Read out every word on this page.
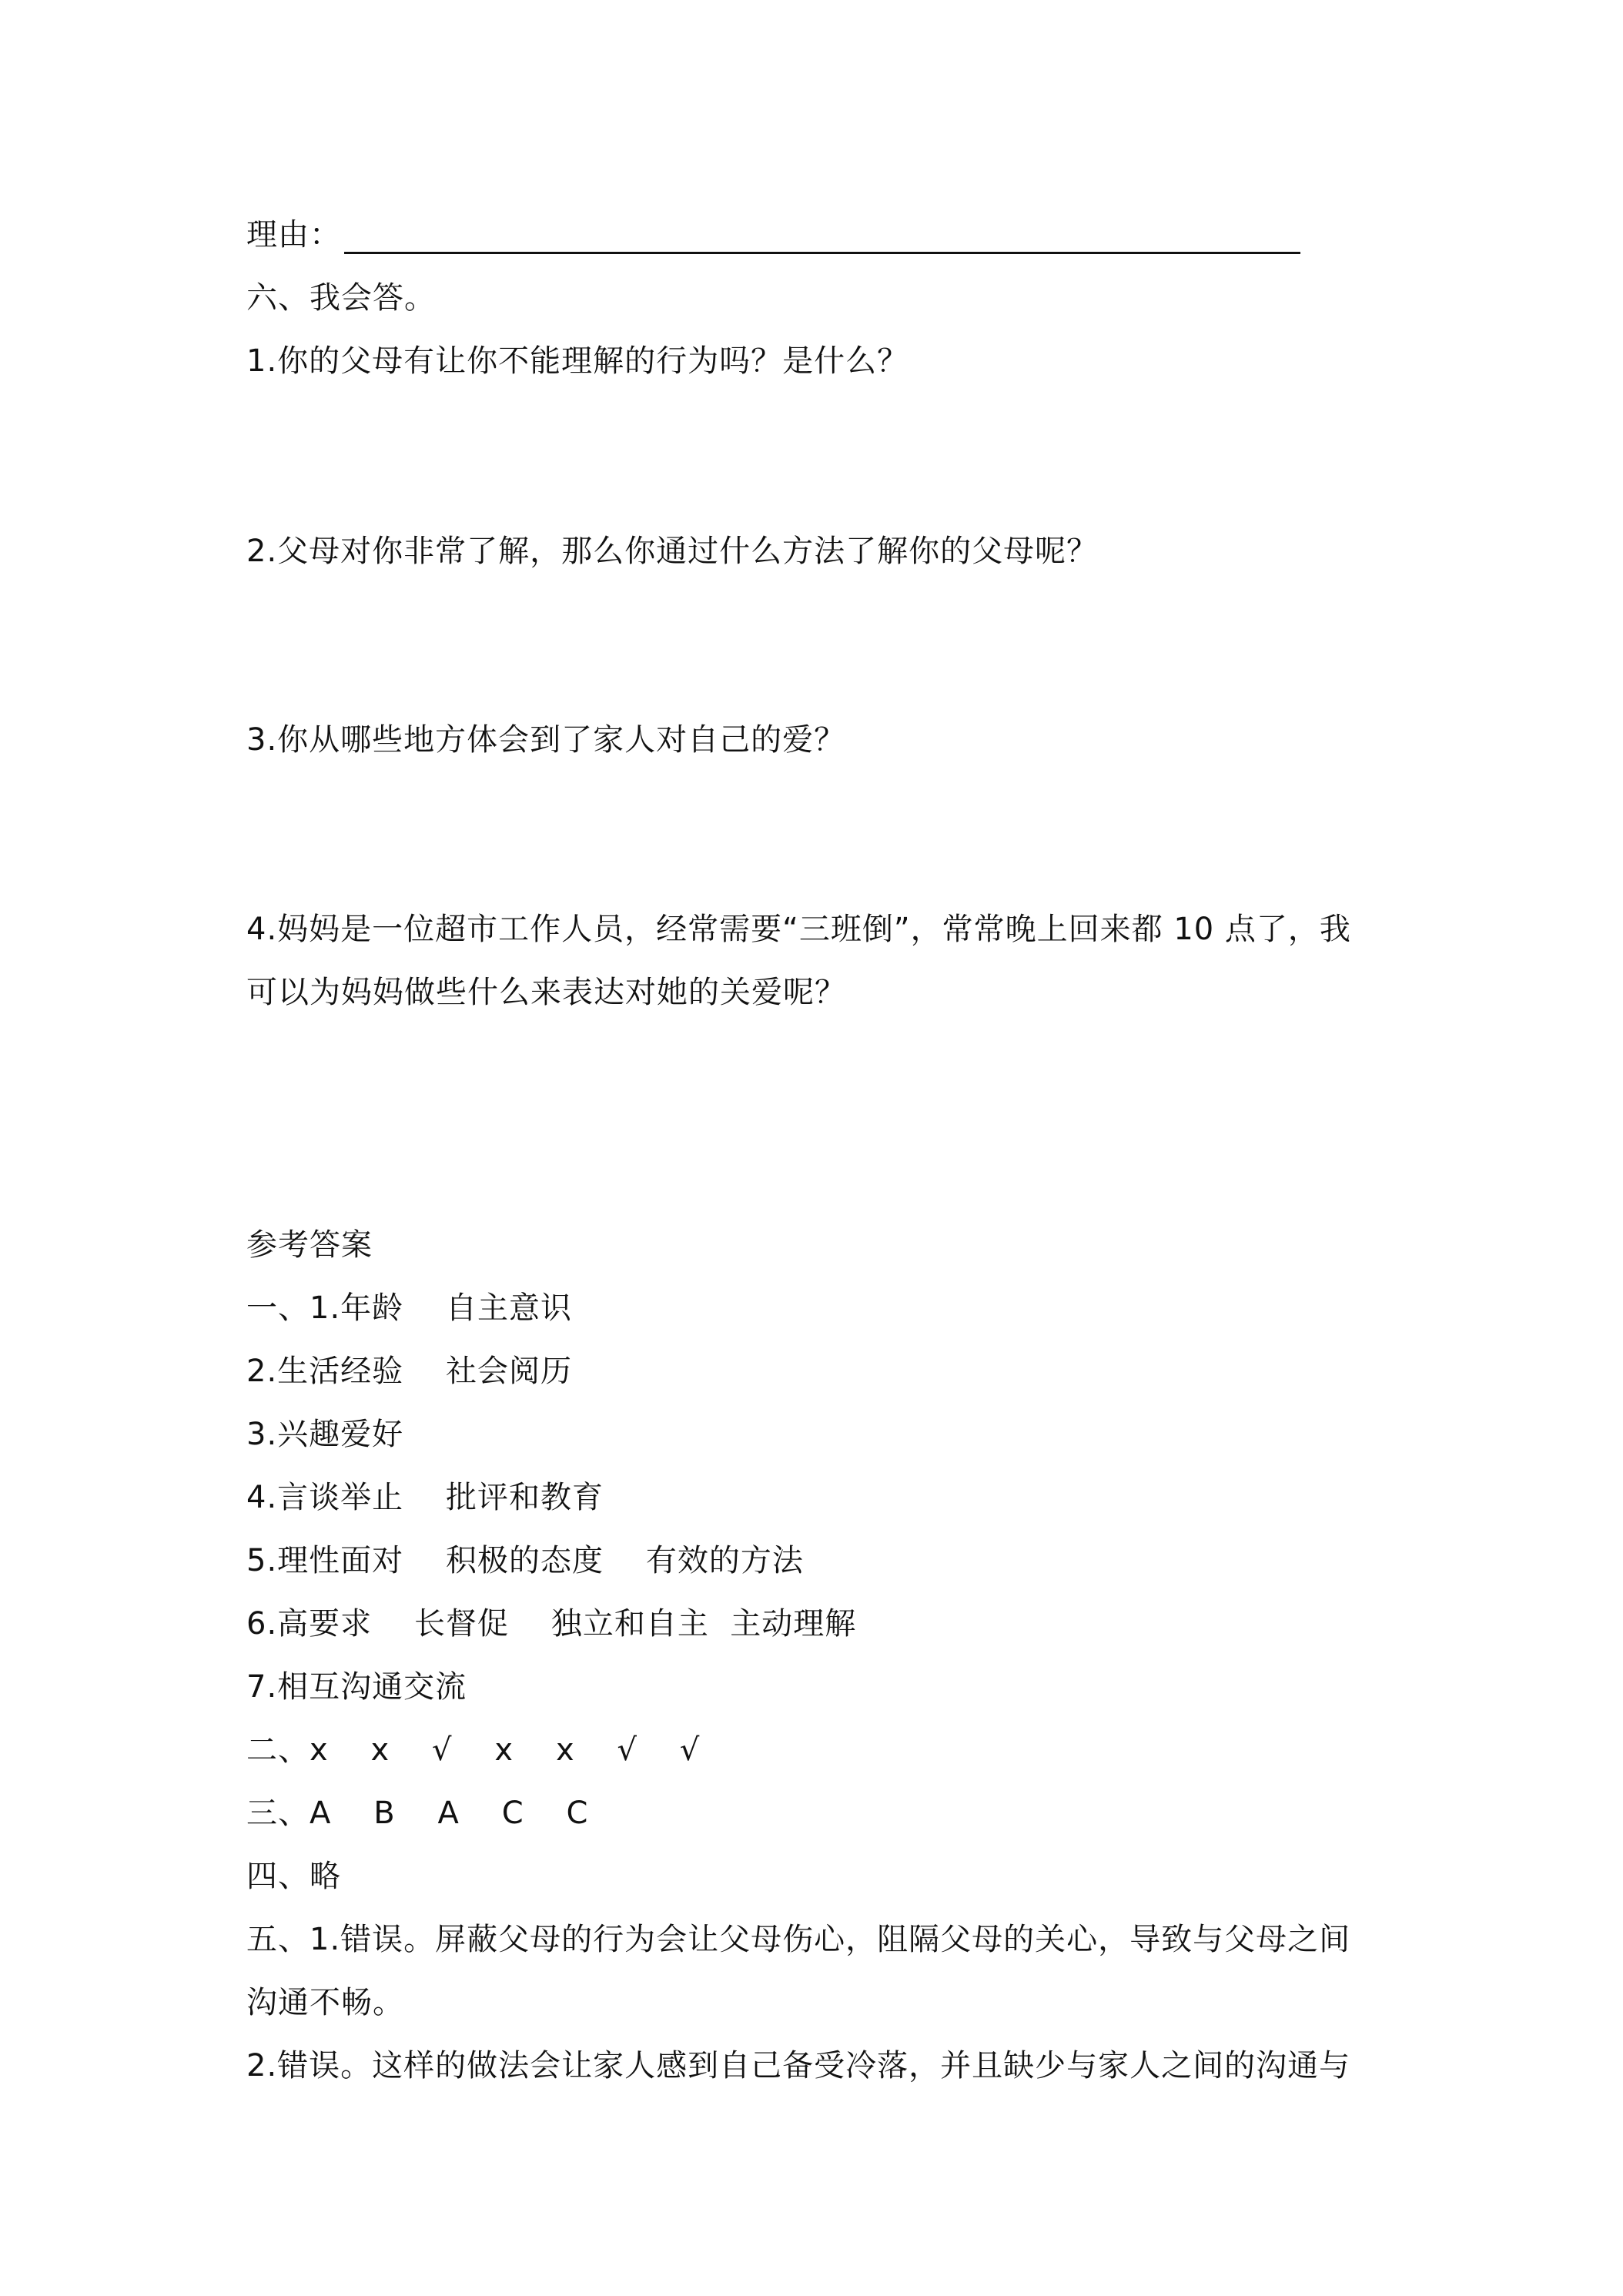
理由：
六、我会答。
1.你的父母有让你不能理解的行为吗？是什么？
2.父母对你非常了解，那么你通过什么方法了解你的父母呢？
3.你从哪些地方体会到了家人对自己的爱？
4.妈妈是一位超市工作人员，经常需要“三班倒”，常常晚上回来都 10 点了，我
可以为妈妈做些什么来表达对她的关爱呢？
参考答案
一、1.年龄    自主意识
2.生活经验    社会阅历
3.兴趣爱好
4.言谈举止    批评和教育
5.理性面对    积极的态度    有效的方法
6.高要求    长督促    独立和自主  主动理解
7.相互沟通交流
二、x    x    √    x    x    √    √
三、A    B    A    C    C
四、略
五、1.错误。屏蔽父母的行为会让父母伤心，阻隔父母的关心，导致与父母之间
沟通不畅。
2.错误。这样的做法会让家人感到自己备受冷落，并且缺少与家人之间的沟通与
